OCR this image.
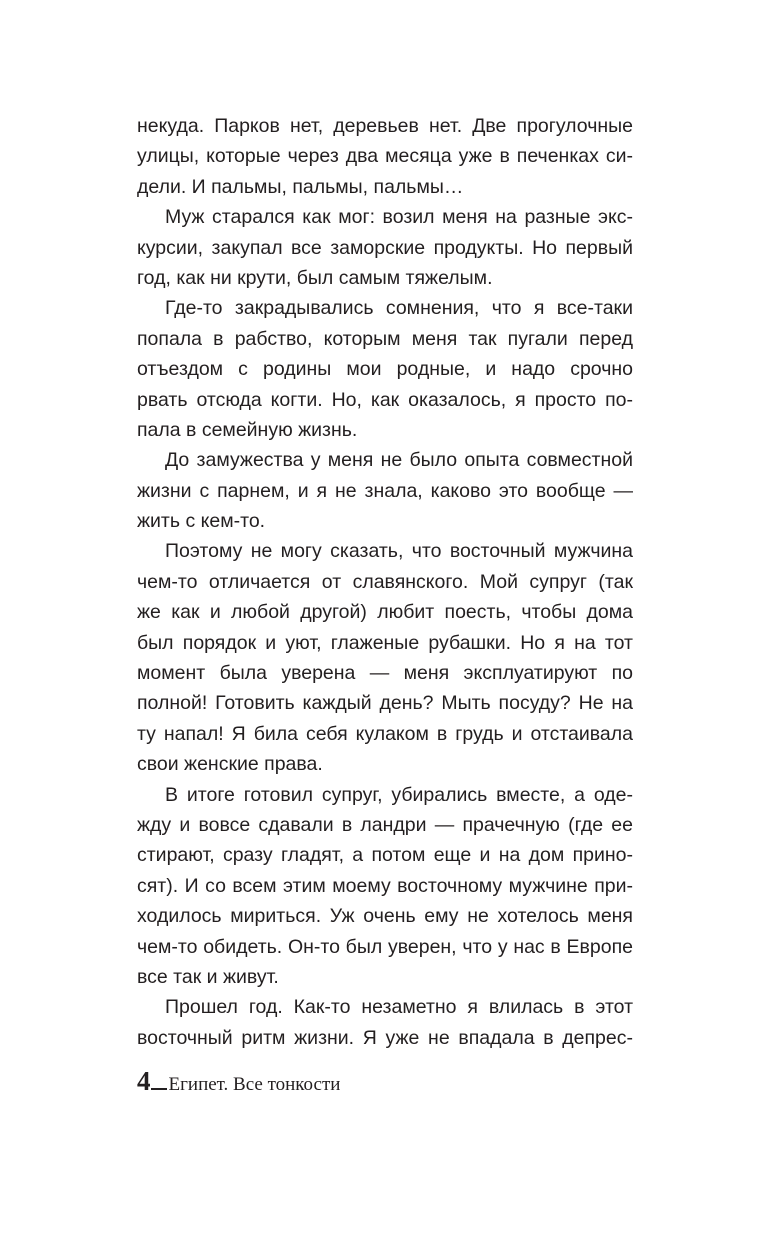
некуда. Парков нет, деревьев нет. Две прогулочные
улицы, которые через два месяца уже в печенках си-
дели. И пальмы, пальмы, пальмы…
Муж старался как мог: возил меня на разные экс-
курсии, закупал все заморские продукты. Но первый
год, как ни крути, был самым тяжелым.
Где-то закрадывались сомнения, что я все-таки
попала в рабство, которым меня так пугали перед
отъездом с родины мои родные, и надо срочно
рвать отсюда когти. Но, как оказалось, я просто по-
пала в семейную жизнь.
До замужества у меня не было опыта совместной
жизни с парнем, и я не знала, каково это вообще —
жить с кем-то.
Поэтому не могу сказать, что восточный мужчина
чем-то отличается от славянского. Мой супруг (так
же как и любой другой) любит поесть, чтобы дома
был порядок и уют, глаженые рубашки. Но я на тот
момент была уверена — меня эксплуатируют по
полной! Готовить каждый день? Мыть посуду? Не на
ту напал! Я била себя кулаком в грудь и отстаивала
свои женские права.
В итоге готовил супруг, убирались вместе, а оде-
жду и вовсе сдавали в ландри — прачечную (где ее
стирают, сразу гладят, а потом еще и на дом прино-
сят). И со всем этим моему восточному мужчине при-
ходилось мириться. Уж очень ему не хотелось меня
чем-то обидеть. Он-то был уверен, что у нас в Европе
все так и живут.
Прошел год. Как-то незаметно я влилась в этот
восточный ритм жизни. Я уже не впадала в депрес-
4 Египет. Все тонкости
